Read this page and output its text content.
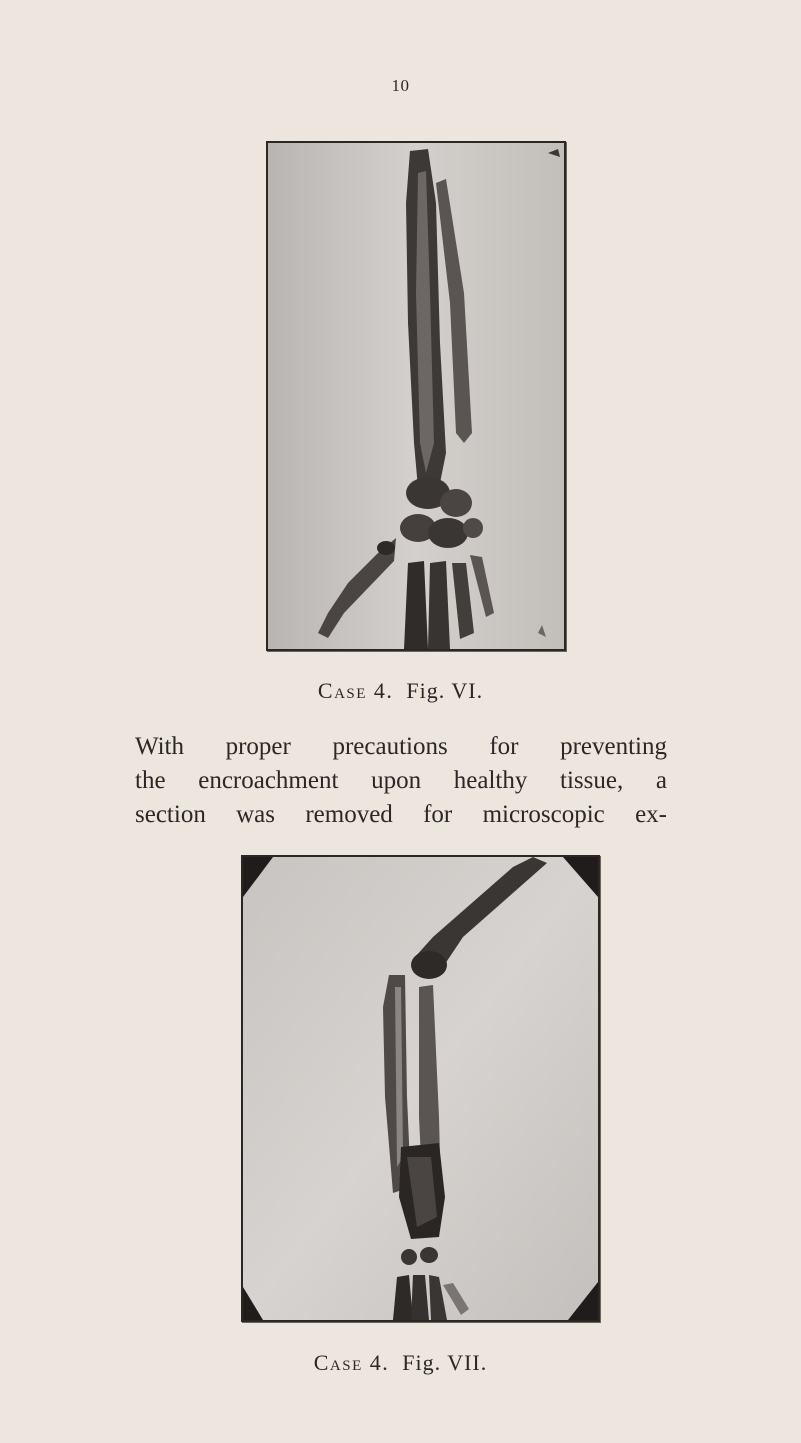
10
Case 4. Fig. VI.
With proper precautions for preventing
the encroachment upon healthy tissue, a
section was removed for microscopic ex-
Case 4. Fig. VII.
